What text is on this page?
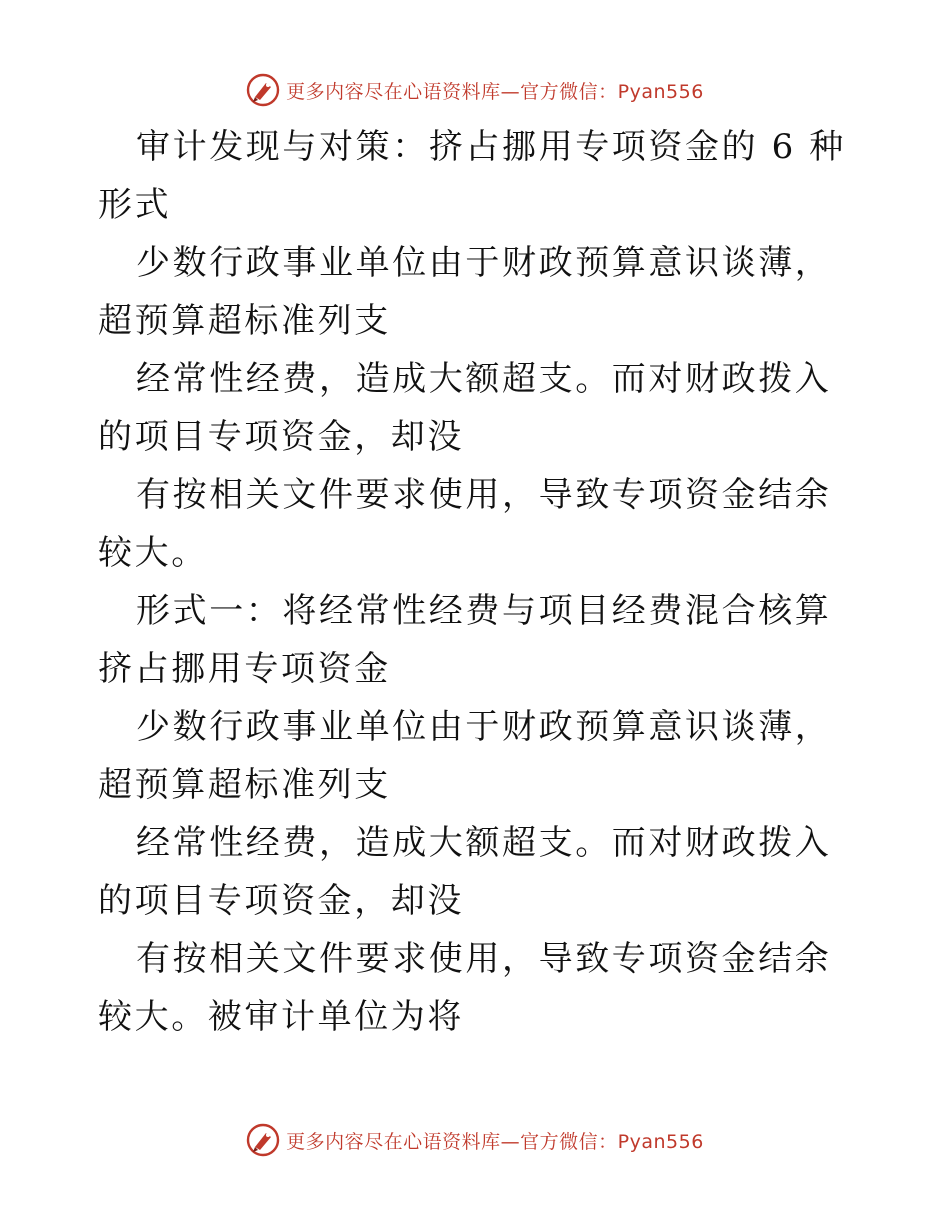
更多内容尽在心语资料库—官方微信：Pyan556

审计发现与对策：挤占挪用专项资金的 6 种形式

少数行政事业单位由于财政预算意识谈薄，超预算超标准列支

经常性经费，造成大额超支。而对财政拨入的项目专项资金，却没

有按相关文件要求使用，导致专项资金结余较大。

形式一：将经常性经费与项目经费混合核算挤占挪用专项资金

少数行政事业单位由于财政预算意识谈薄，超预算超标准列支

经常性经费，造成大额超支。而对财政拨入的项目专项资金，却没

有按相关文件要求使用，导致专项资金结余较大。被审计单位为将

更多内容尽在心语资料库—官方微信：Pyan556
